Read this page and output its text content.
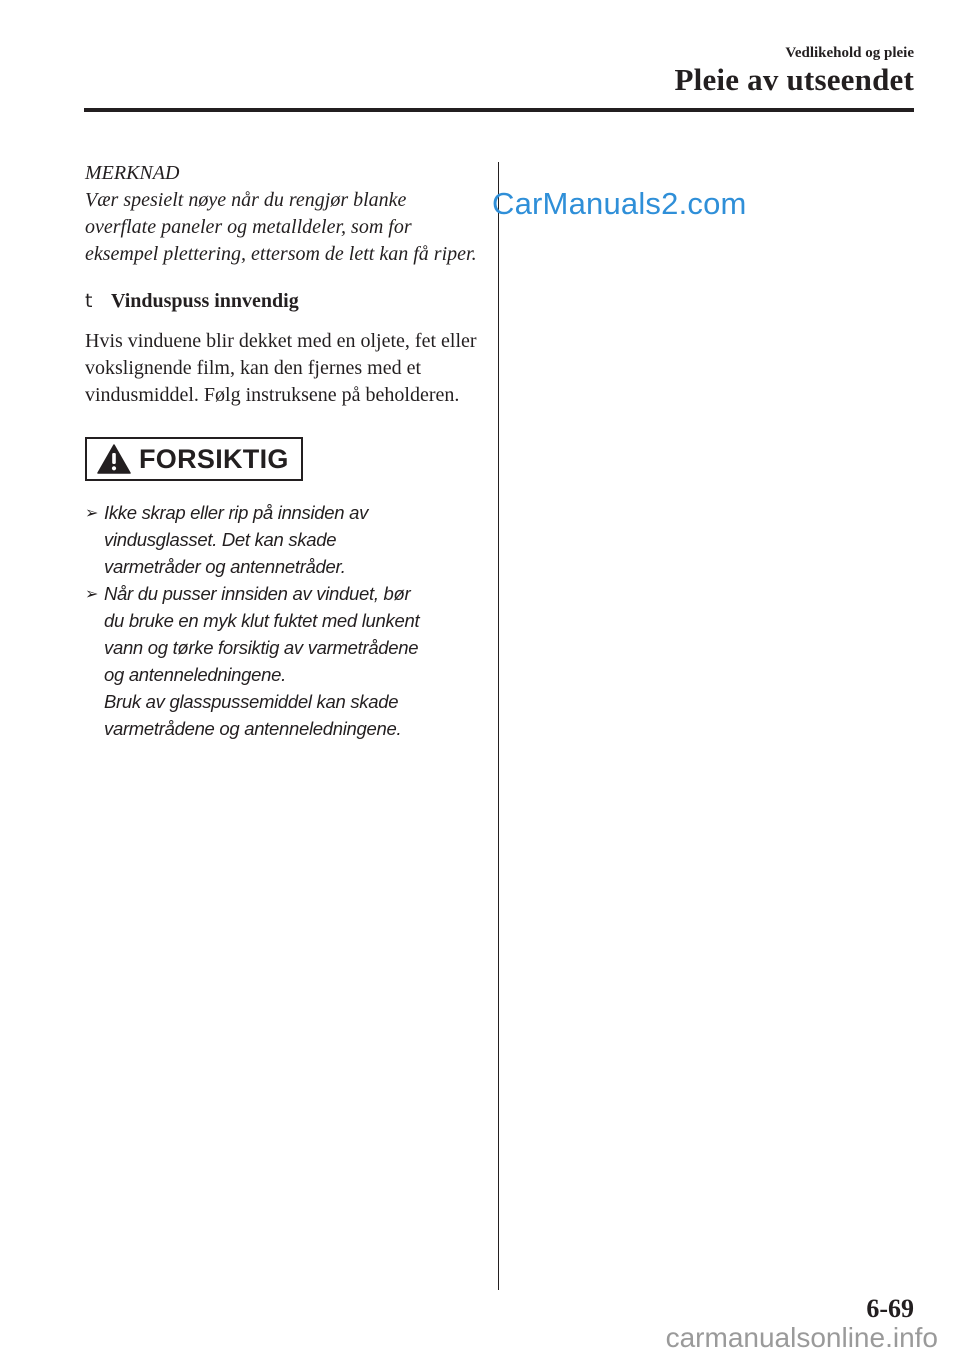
Vedlikehold og pleie
Pleie av utseendet

MERKNAD

Vær spesielt nøye når du rengjør blanke overflate paneler og metalldeler, som for eksempel plettering, ettersom de lett kan få riper.

t Vinduspuss innvendig

Hvis vinduene blir dekket med en oljete, fet eller vokslignende film, kan den fjernes med et vindusmiddel. Følg instruksene på beholderen.

FORSIKTIG
➢ Ikke skrap eller rip på innsiden av
vindusglasset. Det kan skade
varmetråder og antennetråder.
➢ Når du pusser innsiden av vinduet, bør
du bruke en myk klut fuktet med lunkent
vann og tørke forsiktig av varmetrådene
og antenneledningene.
Bruk av glasspussemiddel kan skade
varmetrådene og antenneledningene.
CarManuals2.com
6-69
carmanualsonline.info
